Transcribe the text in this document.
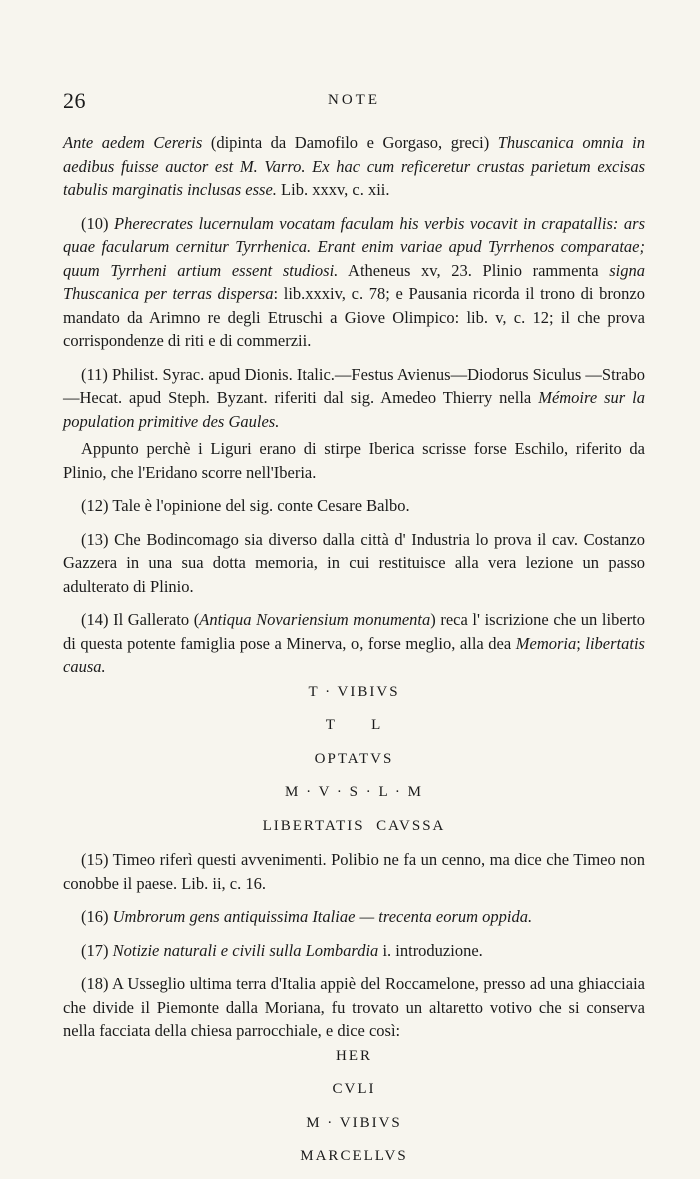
26	NOTE

Ante aedem Cereris (dipinta da Damofilo e Gorgaso, greci) Thuscanica omnia in aedibus fuisse auctor est M. Varro. Ex hac cum reficeretur crustas parietum excisas tabulis marginatis inclusas esse. Lib. xxxv, c. xii.

(10) Pherecrates lucernulam vocatam faculam his verbis vocavit in crapatallis: ars quae facularum cernitur Tyrrhenica. Erant enim variae apud Tyrrhenos comparatae; quum Tyrrheni artium essent studiosi. Atheneus xv, 23. Plinio rammenta signa Thuscanica per terras dispersa: lib.xxxiv, c. 78; e Pausania ricorda il trono di bronzo mandato da Arimno re degli Etruschi a Giove Olimpico: lib. v, c. 12; il che prova corrispondenze di riti e di commerzii.

(11) Philist. Syrac. apud Dionis. Italic.—Festus Avienus—Diodorus Siculus —Strabo—Hecat. apud Steph. Byzant. riferiti dal sig. Amedeo Thierry nella Mémoire sur la population primitive des Gaules.

Appunto perchè i Liguri erano di stirpe Iberica scrisse forse Eschilo, riferito da Plinio, che l'Eridano scorre nell'Iberia.

(12) Tale è l'opinione del sig. conte Cesare Balbo.

(13) Che Bodincomago sia diverso dalla città d' Industria lo prova il cav. Costanzo Gazzera in una sua dotta memoria, in cui restituisce alla vera lezione un passo adulterato di Plinio.

(14) Il Gallerato (Antiqua Novariensium monumenta) reca l' iscrizione che un liberto di questa potente famiglia pose a Minerva, o, forse meglio, alla dea Memoria; libertatis causa.

T · VIBIVS

T      L

OPTATVS

M · V · S · L · M

LIBERTATIS  CAVSSA

(15) Timeo riferì questi avvenimenti. Polibio ne fa un cenno, ma dice che Timeo non conobbe il paese. Lib. ii, c. 16.

(16) Umbrorum gens antiquissima Italiae — trecenta eorum oppida.

(17) Notizie naturali e civili sulla Lombardia i. introduzione.

(18) A Usseglio ultima terra d'Italia appiè del Roccamelone, presso ad una ghiacciaia che divide il Piemonte dalla Moriana, fu trovato un altaretto votivo che si conserva nella facciata della chiesa parrocchiale, e dice così:

HER

CVLI

M · VIBIVS

MARCELLVS
